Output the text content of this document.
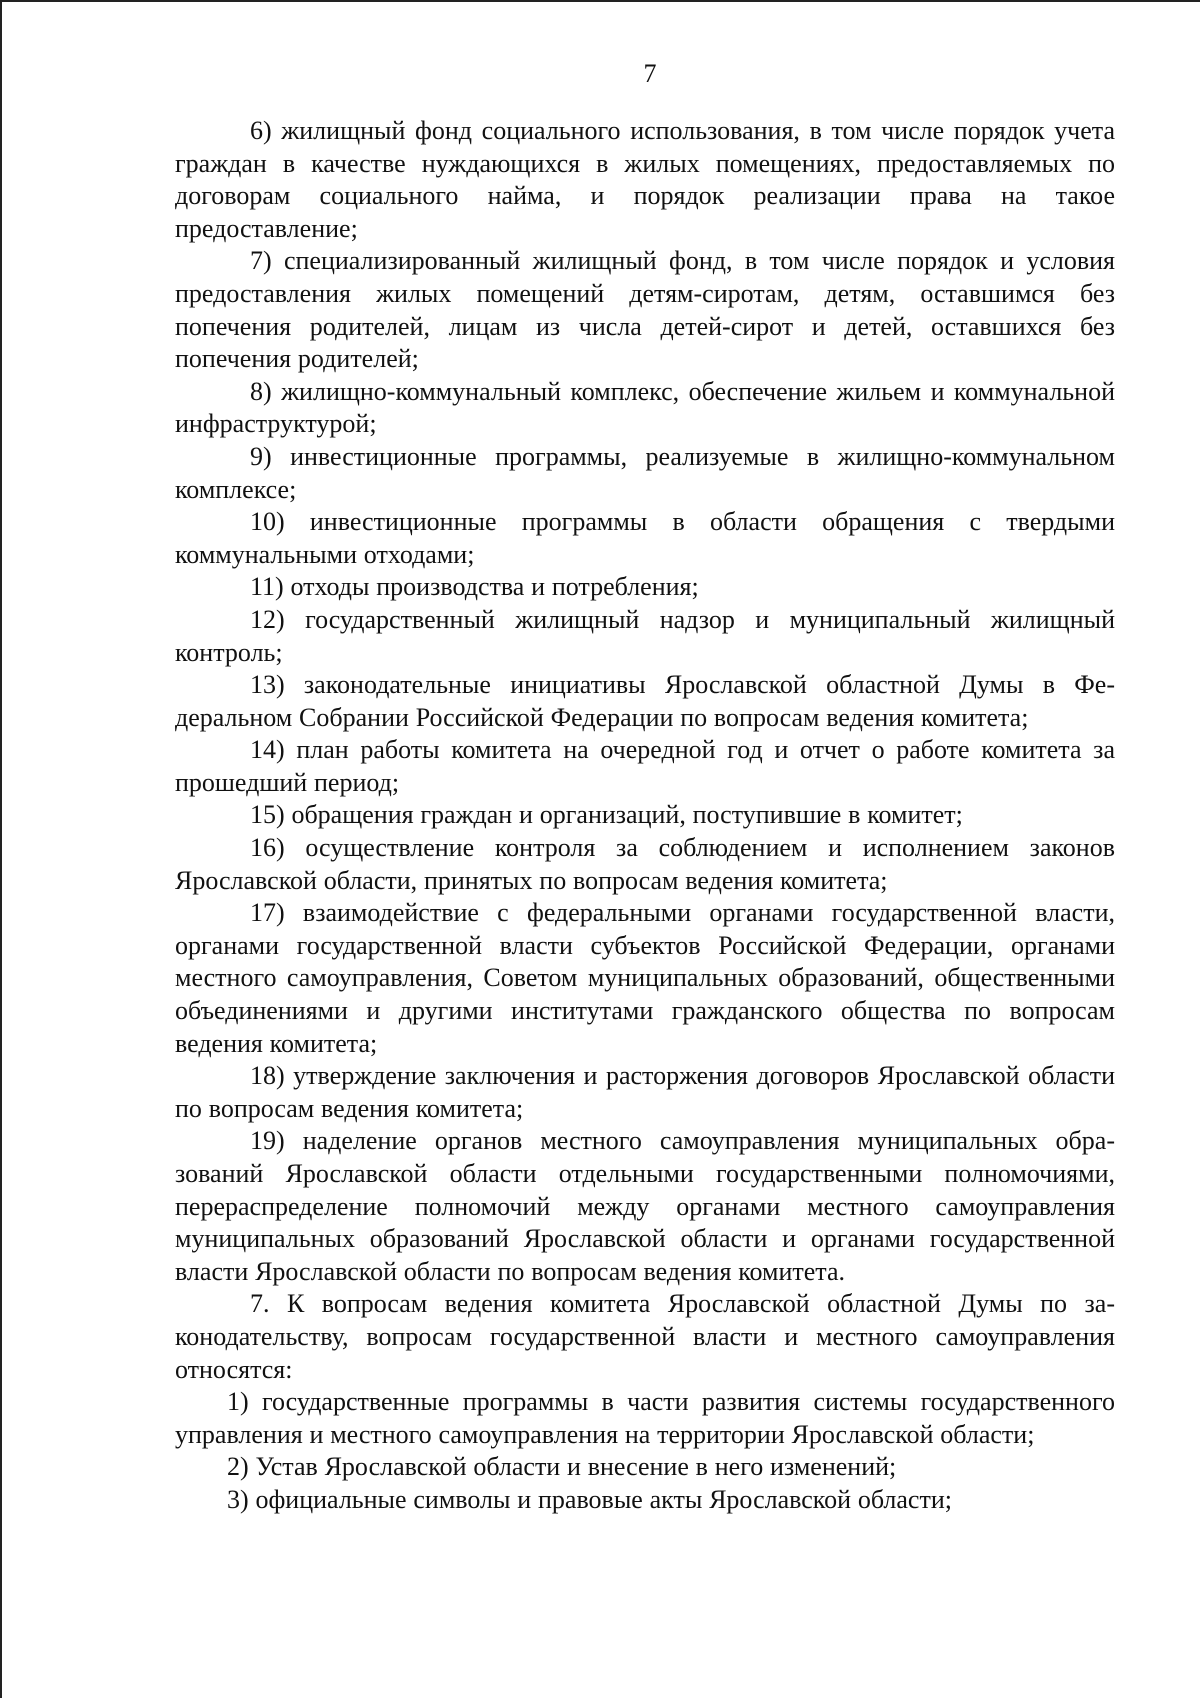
7

6) жилищный фонд социального использования, в том числе порядок учета граждан в качестве нуждающихся в жилых помещениях, предоставляемых по договорам социального найма, и порядок реализации права на такое предоставление;

7) специализированный жилищный фонд, в том числе порядок и условия предоставления жилых помещений детям-сиротам, детям, оставшимся без попечения родителей, лицам из числа детей-сирот и детей, оставшихся без попечения родителей;

8) жилищно-коммунальный комплекс, обеспечение жильем и коммунальной инфраструктурой;

9) инвестиционные программы, реализуемые в жилищно-коммунальном комплексе;

10) инвестиционные программы в области обращения с твердыми коммунальными отходами;

11) отходы производства и потребления;

12) государственный жилищный надзор и муниципальный жилищный контроль;

13) законодательные инициативы Ярославской областной Думы в Федеральном Собрании Российской Федерации по вопросам ведения комитета;

14) план работы комитета на очередной год и отчет о работе комитета за прошедший период;

15) обращения граждан и организаций, поступившие в комитет;

16) осуществление контроля за соблюдением и исполнением законов Ярославской области, принятых по вопросам ведения комитета;

17) взаимодействие с федеральными органами государственной власти, органами государственной власти субъектов Российской Федерации, органами местного самоуправления, Советом муниципальных образований, общественными объединениями и другими институтами гражданского общества по вопросам ведения комитета;

18) утверждение заключения и расторжения договоров Ярославской области по вопросам ведения комитета;

19) наделение органов местного самоуправления муниципальных образований Ярославской области отдельными государственными полномочиями, перераспределение полномочий между органами местного самоуправления муниципальных образований Ярославской области и органами государственной власти Ярославской области по вопросам ведения комитета.

7. К вопросам ведения комитета Ярославской областной Думы по законодательству, вопросам государственной власти и местного самоуправления относятся:

1) государственные программы в части развития системы государственного управления и местного самоуправления на территории Ярославской области;

2) Устав Ярославской области и внесение в него изменений;

3) официальные символы и правовые акты Ярославской области;
